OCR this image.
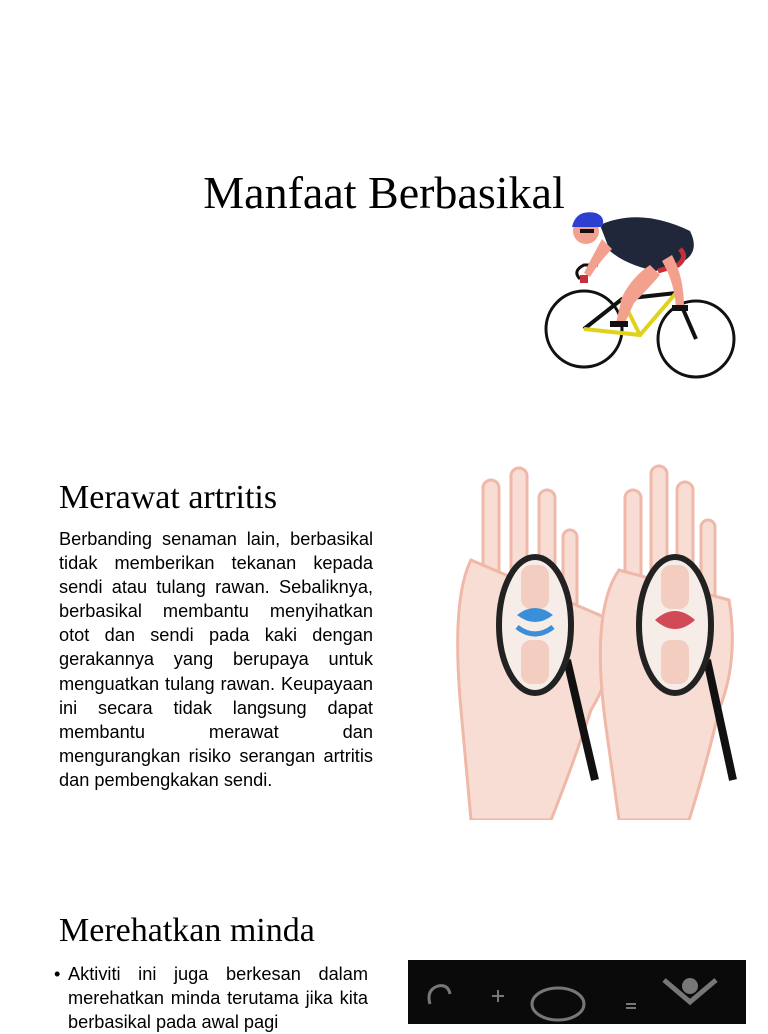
Manfaat Berbasikal
Merawat artritis

Berbanding senaman lain, berbasikal tidak memberikan tekanan kepada sendi atau tulang rawan. Sebaliknya, berbasikal membantu menyihatkan otot dan sendi pada kaki dengan gerakannya yang berupaya untuk menguatkan tulang rawan. Keupayaan ini secara tidak langsung dapat membantu merawat dan mengurangkan risiko serangan artritis dan pembengkakan sendi.

Merehatkan minda
• Aktiviti ini juga berkesan dalam merehatkan minda terutama jika kita berbasikal pada awal pagi
